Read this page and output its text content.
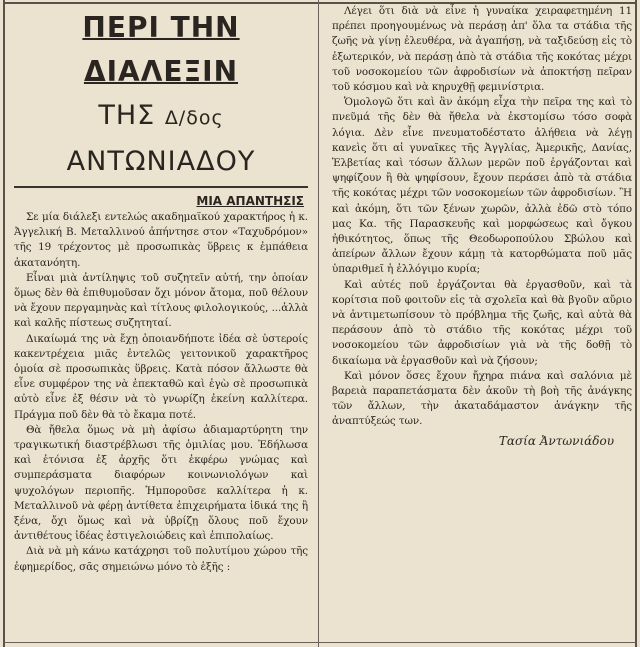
ΠΕΡΙ ΤΗΝ ΔΙΑΛΕΞΙΝ
ΤΗΣ Δ/δος ΑΝΤΩΝΙΑΔΟΥ
ΜΙΑ ΑΠΑΝΤΗΣΙΣ

Σε μία διάλεξι εντελώς ακαδημαϊκού χαρακτήρος ἡ κ. Ἀγγελική Β. Μεταλλινού ἀπήντησε στον «Ταχυδρόμον» τῆς 19 τρέχοντος μὲ προσωπικὰς ὕβρεις κ ἐμπάθεια ἀκατανόητη.

Εἶναι μιὰ ἀντίληψις τοῦ συζητεῖν αὐτή, την ὁποίαν ὅμως δὲν θὰ ἐπιθυμοῦσαν ὄχι μόνον ἄτομα, ποῦ θέλουν νὰ ἔχουν περγαμηνὰς καὶ τίτλους φιλολογικούς, ...ἀλλὰ καὶ καλῆς πίστεως συζητηταί.

Δικαίωμά της νὰ ἔχῃ ὁποιανδήποτε ἰδέα σὲ ὑστεροίς κακεντρέχεια μιᾶς ἐντελῶς γειτονικοῦ χαρακτῆρος ὁμοία σὲ προσωπικὰς ὕβρεις. Κατὰ πόσον ἄλλωστε θὰ εἶνε συμφέρον της νὰ ἐπεκταθῶ καὶ ἐγὼ σὲ προσωπικὰ αὐτὸ εἶνε ἐξ θέσιν νὰ τὸ γνωρίζη ἐκείνη καλλίτερα. Πράγμα ποῦ δὲν θὰ τὸ ἔκαμα ποτέ.

Θὰ ἤθελα ὅμως νὰ μὴ ἀφίσω ἀδιαμαρτύρητη την τραγικωτική διαστρέβλωσι τῆς ὁμιλίας μου. Ἐδήλωσα καὶ ἐτόνισα ἐξ ἀρχῆς ὅτι ἐκφέρω γνώμας καὶ συμπεράσματα διαφόρων κοινωνιολόγων καὶ ψυχολόγων περιοπῆς. Ἠμποροῦσε καλλίτερα ἡ κ. Μεταλλινοῦ νὰ φέρῃ ἀντίθετα ἐπιχειρήματα ἰδικά της ἢ ξένα, ὄχι ὅμως καὶ νὰ ὑβρίζῃ ὅλους ποῦ ἔχουν ἀντιθέτους ἰδέας ἐστιγελοιώδεις καὶ ἐπιπολαίως.

Διὰ νὰ μὴ κάνω κατάχρησι τοῦ πολυτίμου χώρου τῆς ἐφημερίδος, σᾶς σημειώνω μόνο τὸ ἑξῆς :

Λέγει ὅτι διὰ νὰ εἶνε ἡ γυναίκα χειραφετημένη 11 πρέπει προηγουμένως νὰ περάσῃ ἀπ' ὅλα τα στάδια τῆς ζωῆς νὰ γίνῃ ἐλευθέρα, νὰ ἀγαπήσῃ, νὰ ταξιδεύσῃ εἰς τὸ ἐξωτερικόν, νὰ περάσῃ ἀπὸ τὰ στάδια τῆς κοκότας μέχρι τοῦ νοσοκομείου τῶν ἀφροδισίων νὰ ἀποκτήσῃ πεῖραν τοῦ κόσμου καὶ νὰ κηρυχθῇ φεμινίστρια.

Ὁμολογῶ ὅτι καὶ ἂν ἀκόμη εἶχα τὴν πεῖρα της καὶ τὸ πνεῦμά τῆς δὲν θὰ ἤθελα νὰ ἐκστομίσω τόσο σοφὰ λόγια. Δὲν εἶνε πνευματοδέστατο ἀλήθεια νὰ λέγῃ κανεὶς ὅτι αἱ γυναῖκες τῆς Ἀγγλίας, Ἀμερικῆς, Δανίας, Ἑλβετίας καὶ τόσων ἄλλων μερῶν ποῦ ἐργάζονται καὶ ψηφίζουν ἢ θὰ ψηφίσουν, ἔχουν περάσει ἀπὸ τὰ στάδια τῆς κοκότας μέχρι τῶν νοσοκομείων τῶν ἀφροδισίων. Ἢ καὶ ἀκόμη, ὅτι τῶν ξένων χωρῶν, ἀλλὰ ἐδῶ στὸ τόπο μας Κα. τῆς Παρασκευῆς καὶ μορφώσεως καὶ ὄγκου ἠθικότητος, ὅπως τῆς Θεοδωροπούλου Σβώλου καὶ ἀπείρων ἄλλων ἔχουν κάμῃ τὰ κατορθώματα ποῦ μᾶς ὑπαριθμεῖ ἡ ἐλλόγιμο κυρία;

Καὶ αὐτές ποῦ ἐργάζονται θὰ ἐργασθοῦν, καὶ τὰ κορίτσια ποῦ φοιτοῦν εἰς τὰ σχολεῖα καὶ θὰ βγοῦν αὔριο νὰ ἀντιμετωπίσουν τὸ πρόβλημα τῆς ζωῆς, καὶ αὐτὰ θὰ περάσουν ἀπὸ τὸ στάδιο τῆς κοκότας μέχρι τοῦ νοσοκομείου τῶν ἀφροδισίων γιὰ νὰ τῆς δοθῇ τὸ δικαίωμα νὰ ἐργασθοῦν καὶ νὰ ζήσουν;

Καὶ μόνον ὅσες ἔχουν ἤχηρα πιάνα καὶ σαλόνια μὲ βαρειὰ παραπετάσματα δὲν ἀκοῦν τὴ βοὴ τῆς ἀνάγκης τῶν ἄλλων, τὴν ἀκαταδάμαστον ἀνάγκην τῆς ἀναπτύξεώς των.

Τασία Ἀντωνιάδου
